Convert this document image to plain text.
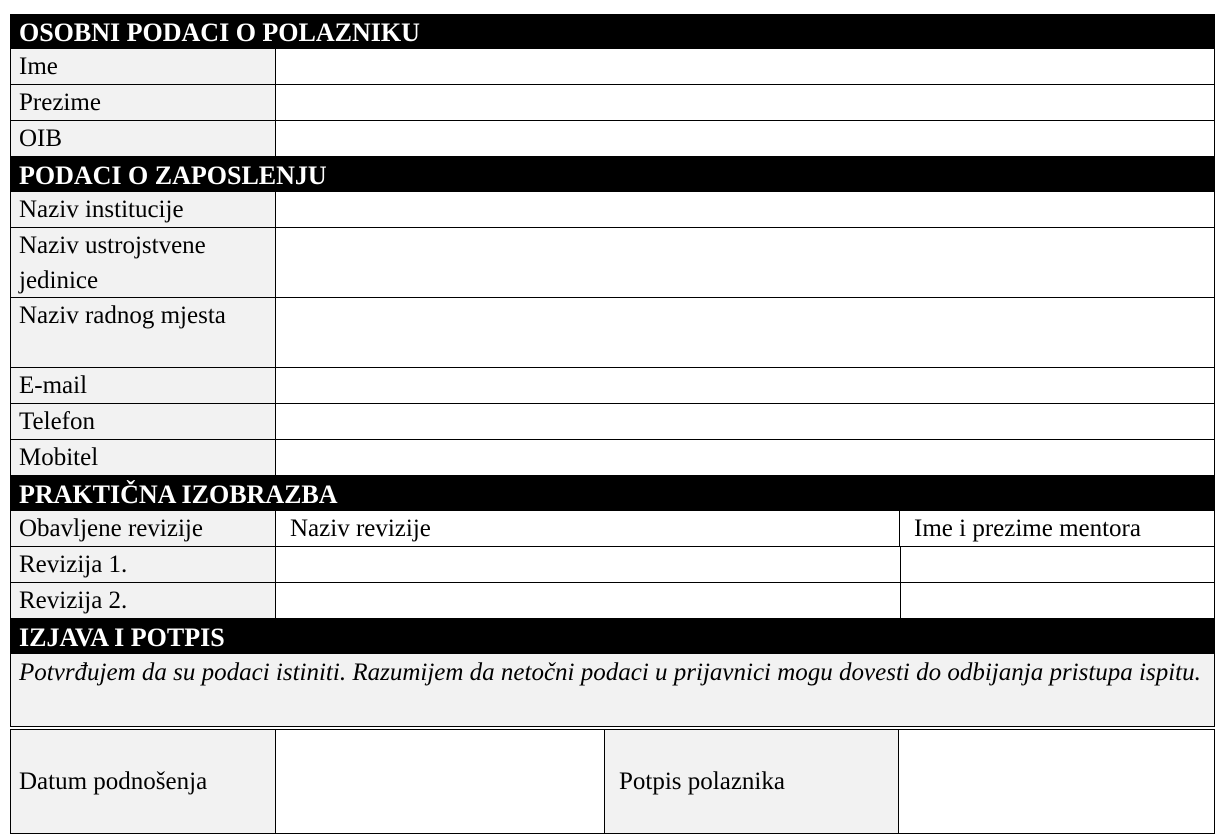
OSOBNI PODACI O POLAZNIKU
Ime
Prezime
OIB
PODACI O ZAPOSLENJU
Naziv institucije
Naziv ustrojstvene jedinice
Naziv radnog mjesta
E-mail
Telefon
Mobitel
PRAKTIČNA IZOBRAZBA
Obavljene revizije	Naziv revizije	Ime i prezime mentora
Revizija 1.
Revizija 2.
IZJAVA I POTPIS
Potvrđujem da su podaci istiniti. Razumijem da netočni podaci u prijavnici mogu dovesti do odbijanja pristupa ispitu.
Datum podnošenja	Potpis polaznika
